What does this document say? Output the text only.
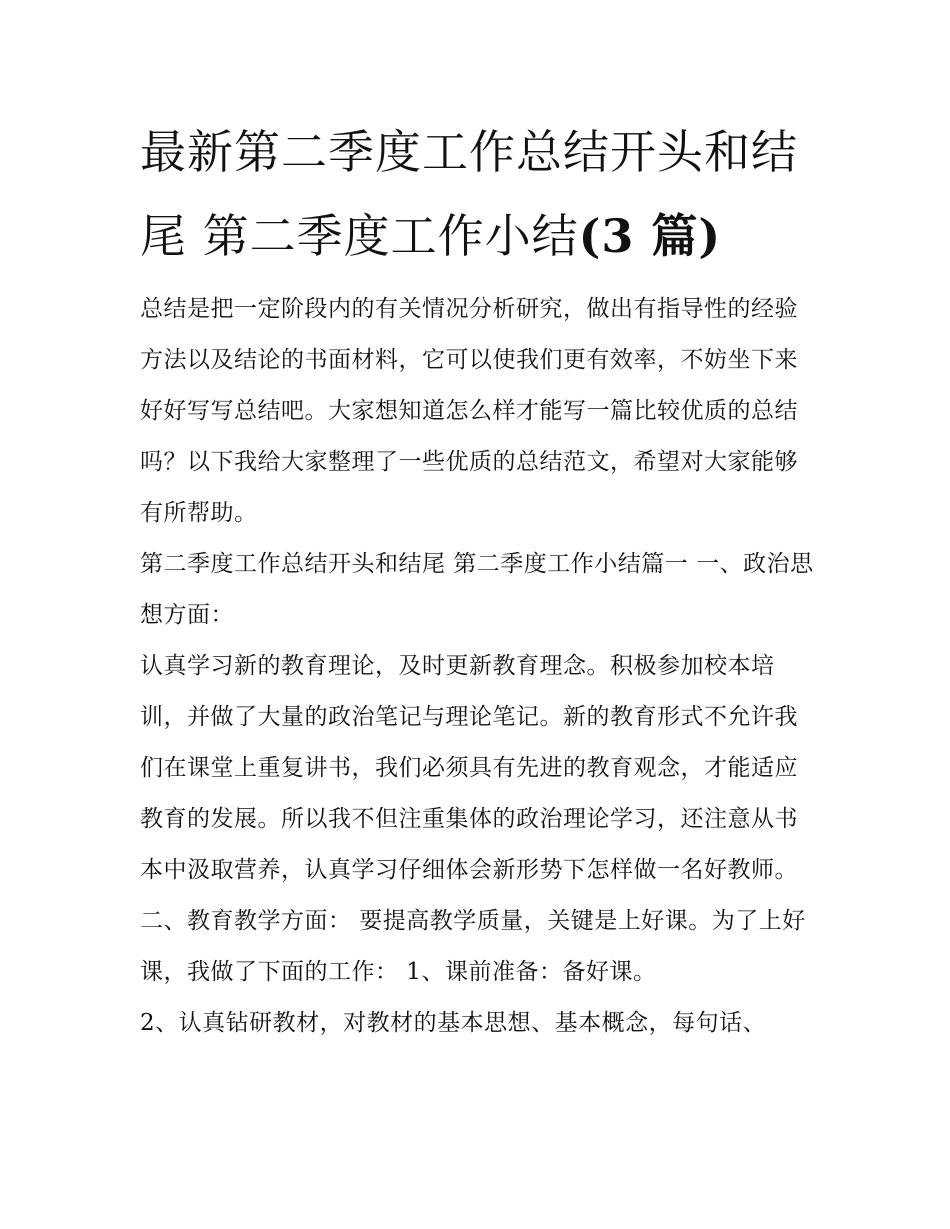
最新第二季度工作总结开头和结尾 第二季度工作小结(3 篇)

总结是把一定阶段内的有关情况分析研究，做出有指导性的经验方法以及结论的书面材料，它可以使我们更有效率，不妨坐下来好好写写总结吧。大家想知道怎么样才能写一篇比较优质的总结吗？以下我给大家整理了一些优质的总结范文，希望对大家能够有所帮助。

第二季度工作总结开头和结尾 第二季度工作小结篇一 一、政治思想方面：

认真学习新的教育理论，及时更新教育理念。积极参加校本培训，并做了大量的政治笔记与理论笔记。新的教育形式不允许我们在课堂上重复讲书，我们必须具有先进的教育观念，才能适应教育的发展。所以我不但注重集体的政治理论学习，还注意从书本中汲取营养，认真学习仔细体会新形势下怎样做一名好教师。

二、教育教学方面： 要提高教学质量，关键是上好课。为了上好课，我做了下面的工作： 1、课前准备：备好课。

2、认真钻研教材，对教材的基本思想、基本概念，每句话、
